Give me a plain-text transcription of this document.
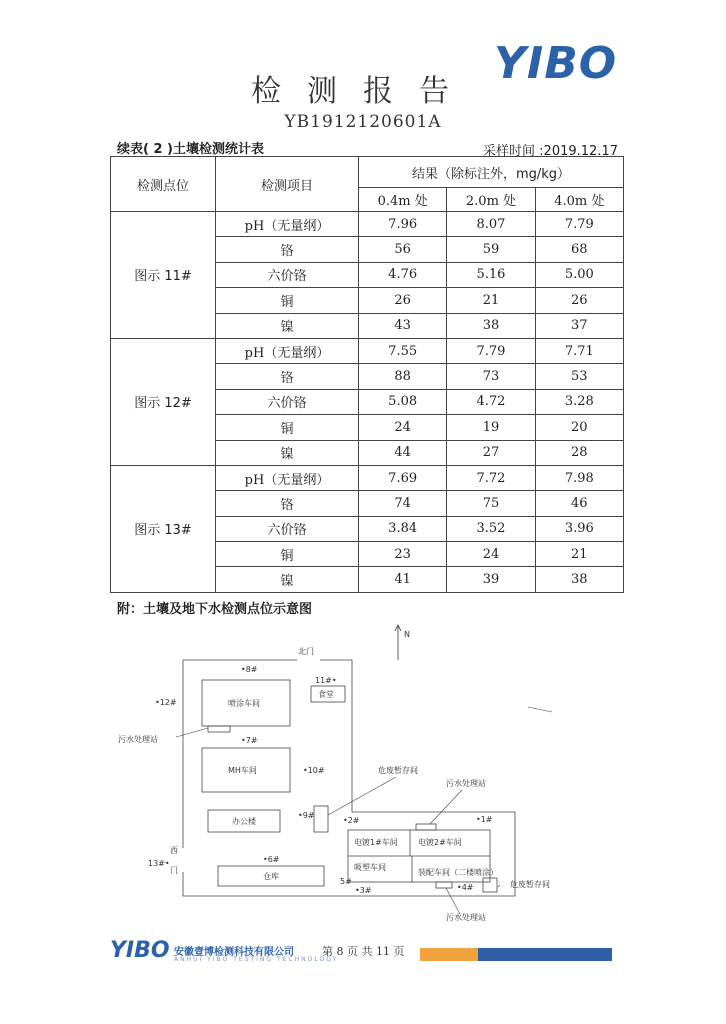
YIBO
检测报告
YB1912120601A
续表( 2 )土壤检测统计表	采样时间 :2019.12.17
检测点位	检测项目	结果（除标注外，mg/kg）		
		0.4m 处	2.0m 处	4.0m 处
图示 11#	pH（无量纲）	7.96	8.07	7.79
	铬	56	59	68
	六价铬	4.76	5.16	5.00
	铜	26	21	26
	镍	43	38	37
图示 12#	pH（无量纲）	7.55	7.79	7.71
	铬	88	73	53
	六价铬	5.08	4.72	3.28
	铜	24	19	20
	镍	44	27	28
图示 13#	pH（无量纲）	7.69	7.72	7.98
	铬	74	75	46
	六价铬	3.84	3.52	3.96
	铜	23	24	21
	镍	41	39	38
附：土壤及地下水检测点位示意图
N
北门
西
门
喷涂车间
食堂
MH车间
办公楼
仓库
电镀1#车间	电镀2#车间
吸塑车间
装配车间（二楼喷涂）
污水处理站
危废暂存间
污水处理站
危废暂存间
污水处理站
•1#
•2#
•3#	•4#
5#
•6#
•7#
•8#
•9#
•10#
11#•
•12#
13#•
YIBO 安徽壹博检测科技有限公司
ANHUI YIBO TESTING TECHNOLOGY
第 8 页 共 11 页
